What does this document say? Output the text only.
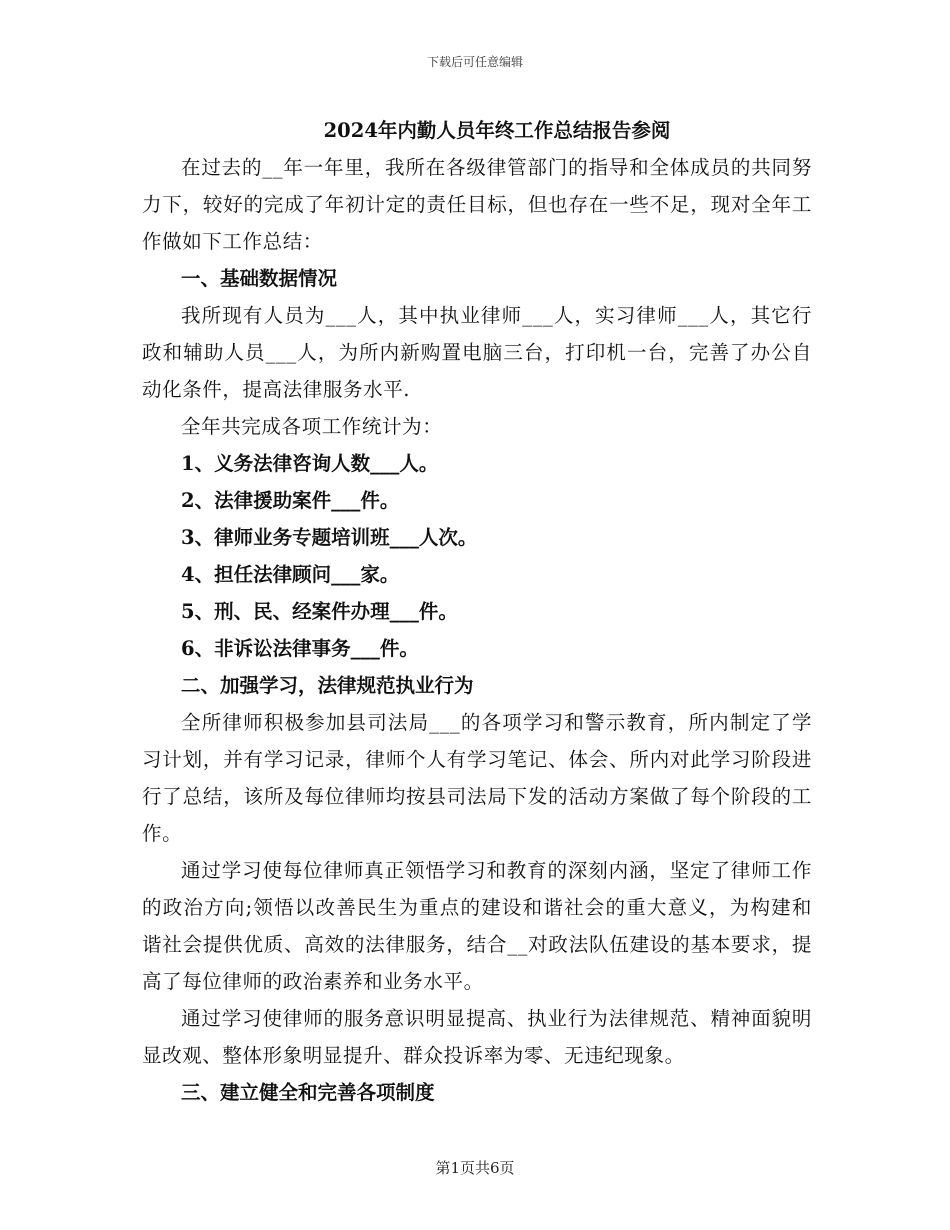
下载后可任意编辑

2024年内勤人员年终工作总结报告参阅

在过去的__年一年里，我所在各级律管部门的指导和全体成员的共同努力下，较好的完成了年初计定的责任目标，但也存在一些不足，现对全年工作做如下工作总结：

一、基础数据情况

我所现有人员为___人，其中执业律师___人，实习律师___人，其它行政和辅助人员___人，为所内新购置电脑三台，打印机一台，完善了办公自动化条件，提高法律服务水平.

全年共完成各项工作统计为：

1、义务法律咨询人数___人。

2、法律援助案件___件。

3、律师业务专题培训班___人次。

4、担任法律顾问___家。

5、刑、民、经案件办理___件。

6、非诉讼法律事务___件。

二、加强学习，法律规范执业行为

全所律师积极参加县司法局___的各项学习和警示教育，所内制定了学习计划，并有学习记录，律师个人有学习笔记、体会、所内对此学习阶段进行了总结，该所及每位律师均按县司法局下发的活动方案做了每个阶段的工作。

通过学习使每位律师真正领悟学习和教育的深刻内涵，坚定了律师工作的政治方向;领悟以改善民生为重点的建设和谐社会的重大意义，为构建和谐社会提供优质、高效的法律服务，结合__对政法队伍建设的基本要求，提高了每位律师的政治素养和业务水平。

通过学习使律师的服务意识明显提高、执业行为法律规范、精神面貌明显改观、整体形象明显提升、群众投诉率为零、无违纪现象。

三、建立健全和完善各项制度

第1页共6页
